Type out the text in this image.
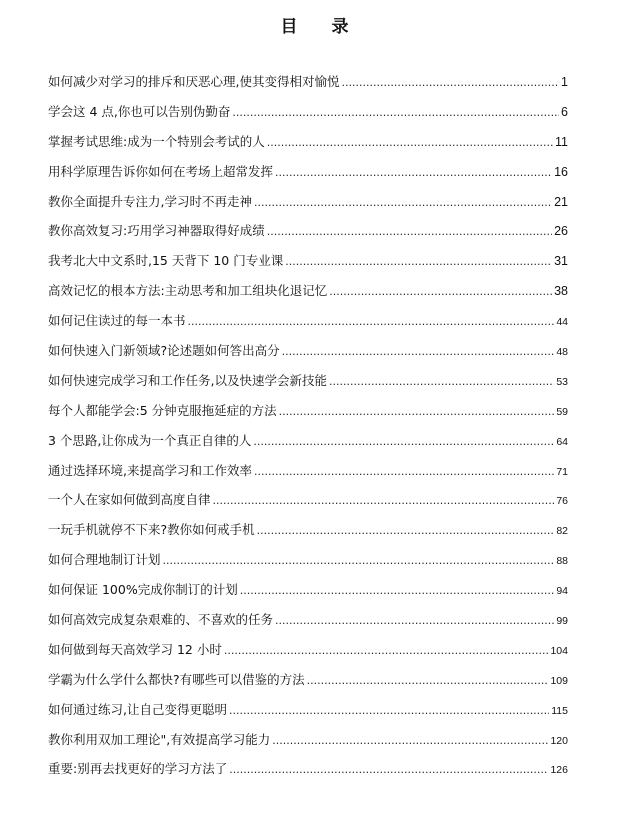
目 录
如何减少对学习的排斥和厌恶心理,使其变得相对愉悦 .....	1
学会这 4 点,你也可以告别伪勤奋 .....	6
掌握考试思维:成为一个特别会考试的人 .....	11
用科学原理告诉你如何在考场上超常发挥 .....	16
教你全面提升专注力,学习时不再走神 .....	21
教你高效复习:巧用学习神器取得好成绩 .....	26
我考北大中文系时,15 天背下 10 门专业课 .....	31
高效记忆的根本方法:主动思考和加工组块化退记忆 .....	38
如何记住读过的每一本书 .....	44
如何快速入门新领域?论述题如何答出高分 .....	48
如何快速完成学习和工作任务,以及快速学会新技能 .....	53
每个人都能学会:5 分钟克服拖延症的方法 .....	59
3 个思路,让你成为一个真正自律的人 .....	64
通过选择环境,来提高学习和工作效率 .....	71
一个人在家如何做到高度自律 .....	76
一玩手机就停不下来?教你如何戒手机 .....	82
如何合理地制订计划 .....	88
如何保证 100%完成你制订的计划 .....	94
如何高效完成复杂艰难的、不喜欢的任务 .....	99
如何做到每天高效学习 12 小时 .....	104
学霸为什么学什么都快?有哪些可以借鉴的方法 .....	109
如何通过练习,让自己变得更聪明 .....	115
教你利用双加工理论",有效提高学习能力 .....	120
重要:别再去找更好的学习方法了 .....	126
